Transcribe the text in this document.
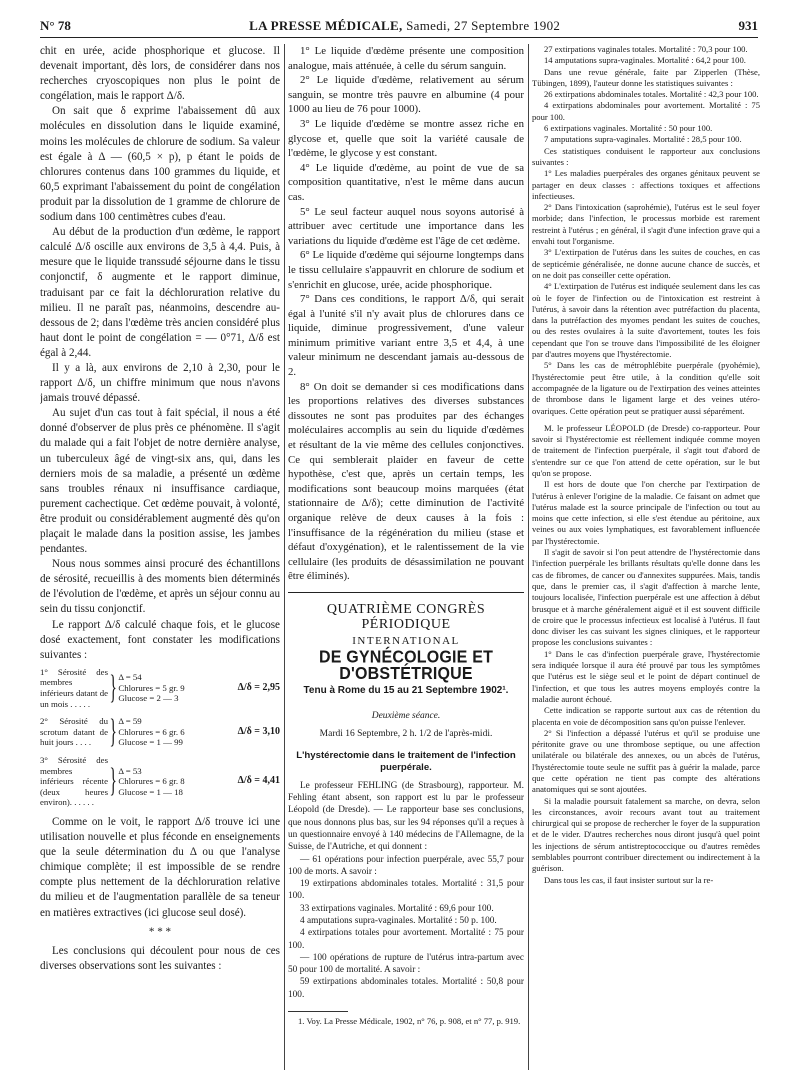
N° 78	LA PRESSE MÉDICALE, Samedi, 27 Septembre 1902	931

chit en urée, acide phosphorique et glucose. Il devenait important, dès lors, de considérer dans nos recherches cryoscopiques non plus le point de congélation, mais le rapport Δ/δ.

On sait que δ exprime l'abaissement dû aux molécules en dissolution dans le liquide examiné, moins les molécules de chlorure de sodium. Sa valeur est égale à Δ — (60,5 × p), p étant le poids de chlorures contenus dans 100 grammes du liquide, et 60,5 exprimant l'abaissement du point de congélation produit par la dissolution de 1 gramme de chlorure de sodium dans 100 centimètres cubes d'eau.

Au début de la production d'un œdème, le rapport calculé Δ/δ oscille aux environs de 3,5 à 4,4. Puis, à mesure que le liquide transsudé séjourne dans le tissu conjonctif, δ augmente et le rapport diminue, traduisant par ce fait la déchloruration relative du milieu. Il ne paraît pas, néanmoins, descendre au-dessous de 2; dans l'œdème très ancien considéré plus haut dont le point de congélation = — 0°71, Δ/δ est égal à 2,44.

Il y a là, aux environs de 2,10 à 2,30, pour le rapport Δ/δ, un chiffre minimum que nous n'avons jamais trouvé dépassé.

Au sujet d'un cas tout à fait spécial, il nous a été donné d'observer de plus près ce phénomène. Il s'agit du malade qui a fait l'objet de notre dernière analyse, un tuberculeux âgé de vingt-six ans, qui, dans les derniers mois de sa maladie, a présenté un œdème sans troubles rénaux ni insuffisance cardiaque, purement cachectique. Cet œdème pouvait, à volonté, être produit ou considérablement augmenté dès qu'on plaçait le malade dans la position assise, les jambes pendantes.

Nous nous sommes ainsi procuré des échantillons de sérosité, recueillis à des moments bien déterminés de l'évolution de l'œdème, et après un séjour connu au sein du tissu conjonctif.

Le rapport Δ/δ calculé chaque fois, et le glucose dosé exactement, font constater les modifications suivantes :

1° Sérosité des membres inférieurs datant de un mois . . . . . } Δ = 54
Chlorures = 5 gr. 9
Glucose = 2 — 3
Δ/δ = 2,95
2° Sérosité du scrotum datant de huit jours . . . . } Δ = 59
Chlorures = 6 gr. 6
Glucose = 1 — 99
Δ/δ = 3,10
3° Sérosité des membres inférieurs récente (deux heures environ). . . . . .
} Δ = 53
Chlorures = 6 gr. 8
Glucose = 1 — 18
Δ/δ = 4,41

Comme on le voit, le rapport Δ/δ trouve ici une utilisation nouvelle et plus féconde en enseignements que la seule détermination du Δ ou que l'analyse chimique complète; il est impossible de se rendre compte plus nettement de la déchloruration relative du milieu et de l'augmentation parallèle de sa teneur en matières extractives (ici glucose seul dosé).

* * *

Les conclusions qui découlent pour nous de ces diverses observations sont les suivantes :

1° Le liquide d'œdème présente une composition analogue, mais atténuée, à celle du sérum sanguin.

2° Le liquide d'œdème, relativement au sérum sanguin, se montre très pauvre en albumine (4 pour 1000 au lieu de 76 pour 1000).

3° Le liquide d'œdème se montre assez riche en glycose et, quelle que soit la variété causale de l'œdème, le glycose y est constant.

4° Le liquide d'œdème, au point de vue de sa composition quantitative, n'est le même dans aucun cas.

5° Le seul facteur auquel nous soyons autorisé à attribuer avec certitude une importance dans les variations du liquide d'œdème est l'âge de cet œdème.

6° Le liquide d'œdème qui séjourne longtemps dans le tissu cellulaire s'appauvrit en chlorure de sodium et s'enrichit en glucose, urée, acide phosphorique.

7° Dans ces conditions, le rapport Δ/δ, qui serait égal à l'unité s'il n'y avait plus de chlorures dans ce liquide, diminue progressivement, d'une valeur minimum primitive variant entre 3,5 et 4,4, à une valeur minimum ne descendant jamais au-dessous de 2.

8° On doit se demander si ces modifications dans les proportions relatives des diverses substances dissoutes ne sont pas produites par des échanges moléculaires accomplis au sein du liquide d'œdèmes et résultant de la vie même des cellules conjonctives. Ce qui semblerait plaider en faveur de cette hypothèse, c'est que, après un certain temps, les modifications sont beaucoup moins marquées (état stationnaire de Δ/δ); cette diminution de l'activité organique relève de deux causes à la fois : l'insuffisance de la régénération du milieu (stase et défaut d'oxygénation), et le ralentissement de la vie cellulaire (les produits de désassimilation ne pouvant être éliminés).

QUATRIÈME CONGRÈS PÉRIODIQUE
INTERNATIONAL
DE GYNÉCOLOGIE ET D'OBSTÉTRIQUE
Tenu à Rome du 15 au 21 Septembre 1902¹.
Deuxième séance.
Mardi 16 Septembre, 2 h. 1/2 de l'après-midi.
L'hystérectomie dans le traitement de l'infection puerpérale.

Le professeur FEHLING (de Strasbourg), rapporteur. M. Fehling étant absent, son rapport est lu par le professeur Léopold (de Dresde). — Le rapporteur base ses conclusions, que nous donnons plus bas, sur les 94 réponses qu'il a reçues à un questionnaire envoyé à 140 médecins de l'Allemagne, de la Suisse, de l'Autriche, et qui donnent :

— 61 opérations pour infection puerpérale, avec 55,7 pour 100 de morts. A savoir :

19 extirpations abdominales totales. Mortalité : 31,5 pour 100.

33 extirpations vaginales. Mortalité : 69,6 pour 100.

4 amputations supra-vaginales. Mortalité : 50 p. 100.

4 extirpations totales pour avortement. Mortalité : 75 pour 100.

— 100 opérations de rupture de l'utérus intra-partum avec 50 pour 100 de mortalité. A savoir :

59 extirpations abdominales totales. Mortalité : 50,8 pour 100.

1. Voy. La Presse Médicale, 1902, n° 76, p. 908, et n° 77, p. 919.

27 extirpations vaginales totales. Mortalité : 70,3 pour 100.

14 amputations supra-vaginales. Mortalité : 64,2 pour 100.

Dans une revue générale, faite par Zipperlen (Thèse, Tübingen, 1899), l'auteur donne les statistiques suivantes :

26 extirpations abdominales totales. Mortalité : 42,3 pour 100.

4 extirpations abdominales pour avortement. Mortalité : 75 pour 100.

6 extirpations vaginales. Mortalité : 50 pour 100.

7 amputations supra-vaginales. Mortalité : 28,5 pour 100.

Ces statistiques conduisent le rapporteur aux conclusions suivantes :

1° Les maladies puerpérales des organes génitaux peuvent se partager en deux classes : affections toxiques et affections infectieuses.

2° Dans l'intoxication (saprohémie), l'utérus est le seul foyer morbide; dans l'infection, le processus morbide est rarement restreint à l'utérus ; en général, il s'agit d'une infection grave qui a envahi tout l'organisme.

3° L'extirpation de l'utérus dans les suites de couches, en cas de septicémie généralisée, ne donne aucune chance de succès, et on ne doit pas conseiller cette opération.

4° L'extirpation de l'utérus est indiquée seulement dans les cas où le foyer de l'infection ou de l'intoxication est restreint à l'utérus, à savoir dans la rétention avec putréfaction du placenta, dans la putréfaction des myomes pendant les suites de couches, ou des restes ovulaires à la suite d'avortement, toutes les fois cependant que l'on se trouve dans l'impossibilité de les éloigner par d'autres moyens que l'hystérectomie.

5° Dans les cas de métrophlébite puerpérale (pyohémie), l'hystérectomie peut être utile, à la condition qu'elle soit accompagnée de la ligature ou de l'extirpation des veines atteintes de thrombose dans le ligament large et des veines utéro-ovariques. Cette opération peut se pratiquer aussi séparément.

M. le professeur LÉOPOLD (de Dresde) co-rapporteur. Pour savoir si l'hystérectomie est réellement indiquée comme moyen de traitement de l'infection puerpérale, il s'agit tout d'abord de s'entendre sur ce que l'on attend de cette opération, sur le but qu'on se propose.

Il est hors de doute que l'on cherche par l'extirpation de l'utérus à enlever l'origine de la maladie. Ce faisant on admet que l'utérus malade est la source principale de l'infection ou tout au moins que cette infection, si elle s'est étendue au péritoine, aux veines ou aux voies lymphatiques, est favorablement influencée par l'hystérectomie.

Il s'agit de savoir si l'on peut attendre de l'hystérectomie dans l'infection puerpérale les brillants résultats qu'elle donne dans les cas de fibromes, de cancer ou d'annexites suppurées. Mais, tandis que, dans le premier cas, il s'agit d'affection à marche lente, toujours localisée, l'infection puerpérale est une affection à début brusque et à marche généralement aiguë et il est souvent difficile de croire que le processus infectieux est localisé à l'utérus. Il faut donc diviser les cas suivant les signes cliniques, et le rapporteur propose les conclusions suivantes :

1° Dans le cas d'infection puerpérale grave, l'hystérectomie sera indiquée lorsque il aura été prouvé par tous les symptômes que l'utérus est le siège seul et le point de départ continuel de l'infection, et que tous les autres moyens employés contre la maladie auront échoué.

Cette indication se rapporte surtout aux cas de rétention du placenta en voie de décomposition sans qu'on puisse l'enlever.

2° Si l'infection a dépassé l'utérus et qu'il se produise une péritonite grave ou une thrombose septique, ou une affection unilatérale ou bilatérale des annexes, ou un abcès de l'utérus, l'hystérectomie toute seule ne suffit pas à guérir la malade, parce que cette opération ne tient pas compte des altérations anatomiques qui se sont ajoutées.

Si la maladie poursuit fatalement sa marche, on devra, selon les circonstances, avoir recours avant tout au traitement chirurgical qui se propose de rechercher le foyer de la suppuration et de le vider. D'autres recherches nous diront jusqu'à quel point les injections de sérum antistreptococcique ou d'autres remèdes semblables pourront contribuer directement ou indirectement à la guérison.

Dans tous les cas, il faut insister surtout sur la re-
